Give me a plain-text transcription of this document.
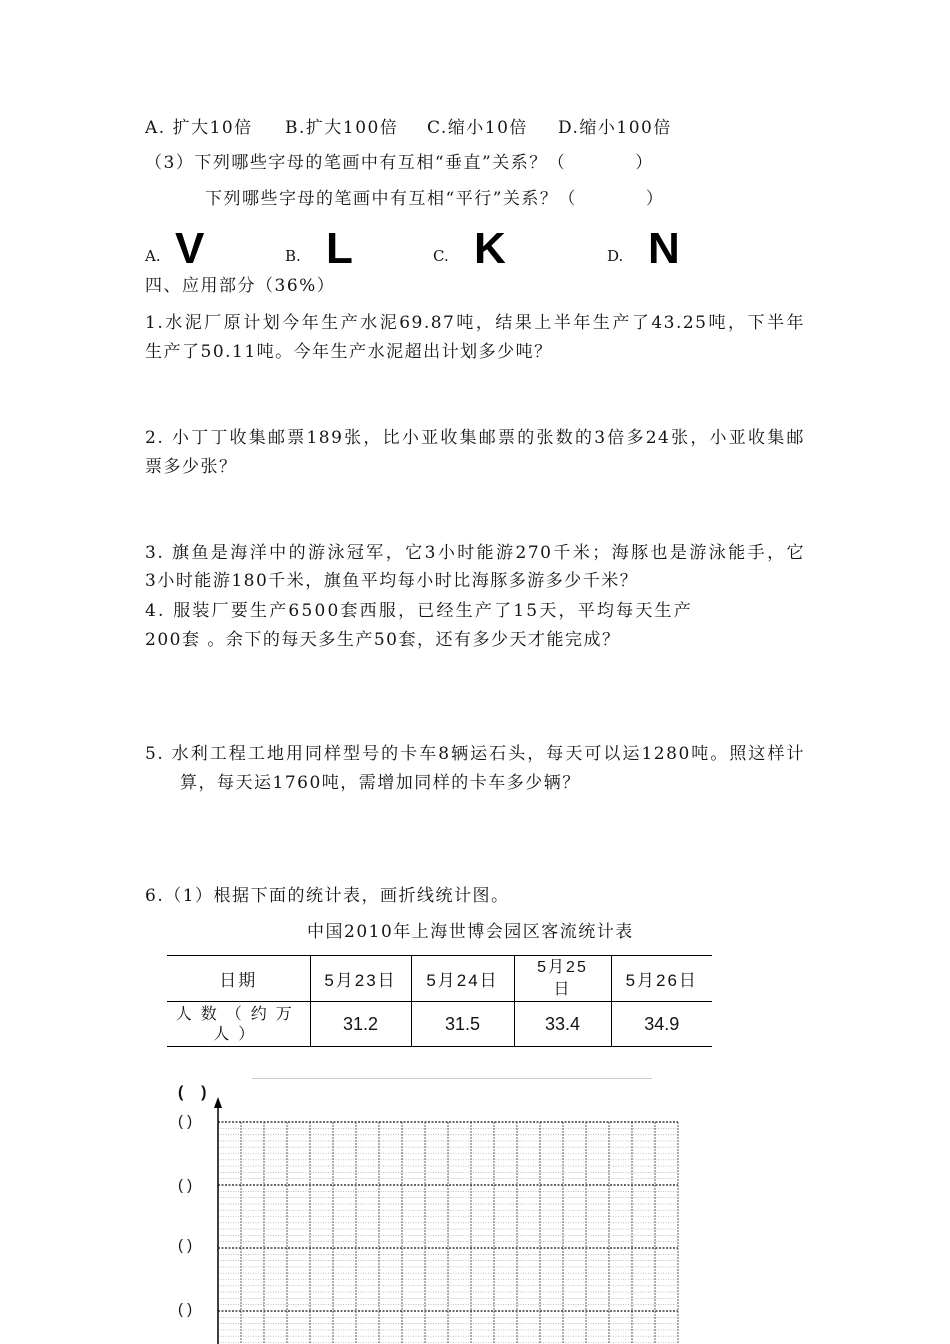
A. 扩大10倍 B.扩大100倍 C.缩小10倍 D.缩小100倍
（3）下列哪些字母的笔画中有互相“垂直”关系？（          ）
下列哪些字母的笔画中有互相“平行”关系？（          ）
A. V	B. L	C. K	D. N
四、应用部分（36%）
1.水泥厂原计划今年生产水泥69.87吨，结果上半年生产了43.25吨，下半年
生产了50.11吨。今年生产水泥超出计划多少吨？
2. 小丁丁收集邮票189张，比小亚收集邮票的张数的3倍多24张，小亚收集邮
票多少张？
3. 旗鱼是海洋中的游泳冠军，它3小时能游270千米；海豚也是游泳能手，它
3小时能游180千米，旗鱼平均每小时比海豚多游多少千米？
4. 服装厂要生产6500套西服，已经生产了15天，平均每天生产
200套 。余下的每天多生产50套，还有多少天才能完成？
5. 水利工程工地用同样型号的卡车8辆运石头，每天可以运1280吨。照这样计
算，每天运1760吨，需增加同样的卡车多少辆？
6.（1）根据下面的统计表，画折线统计图。
中国2010年上海世博会园区客流统计表
日期	5月23日	5月24日	5月25日	5月26日
人数（约万人）	31.2	31.5	33.4	34.9
(    )
( )
( )
( )
( )
